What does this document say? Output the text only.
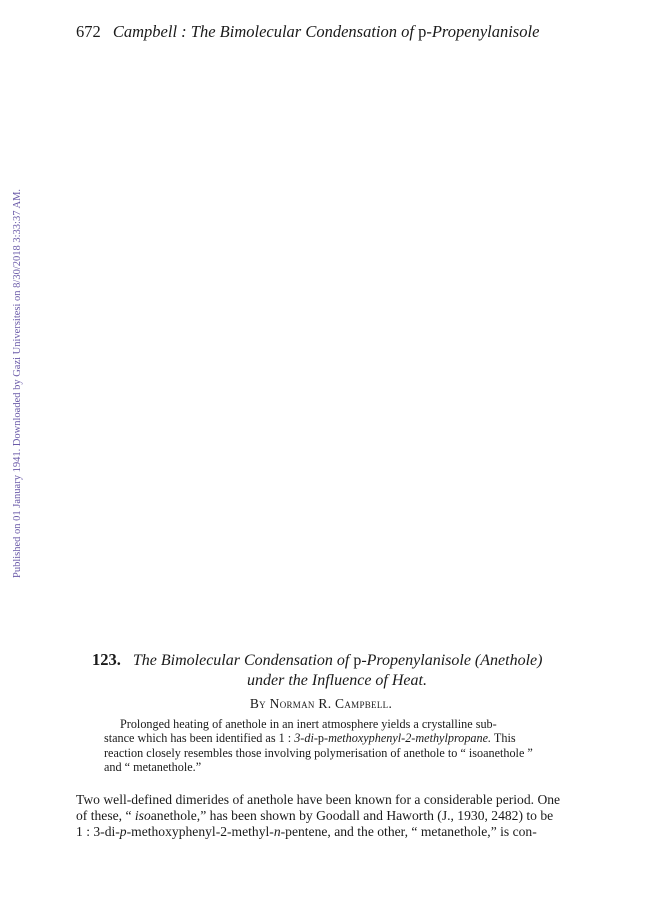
672 Campbell : The Bimolecular Condensation of p-Propenylanisole
Published on 01 January 1941. Downloaded by Gazi Universitesi on 8/30/2018 3:33:37 AM.
123. The Bimolecular Condensation of p-Propenylanisole (Anethole)
under the Influence of Heat.
By Norman R. Campbell.
Prolonged heating of anethole in an inert atmosphere yields a crystalline sub-
stance which has been identified as 1 : 3-di-p-methoxyphenyl-2-methylpropane. This
reaction closely resembles those involving polymerisation of anethole to “ isoanethole ”
and “ metanethole.”
Two well-defined dimerides of anethole have been known for a considerable period. One
of these, “ isoanethole,” has been shown by Goodall and Haworth (J., 1930, 2482) to be
1 : 3-di-p-methoxyphenyl-2-methyl-n-pentene, and the other, “ metanethole,” is con-
